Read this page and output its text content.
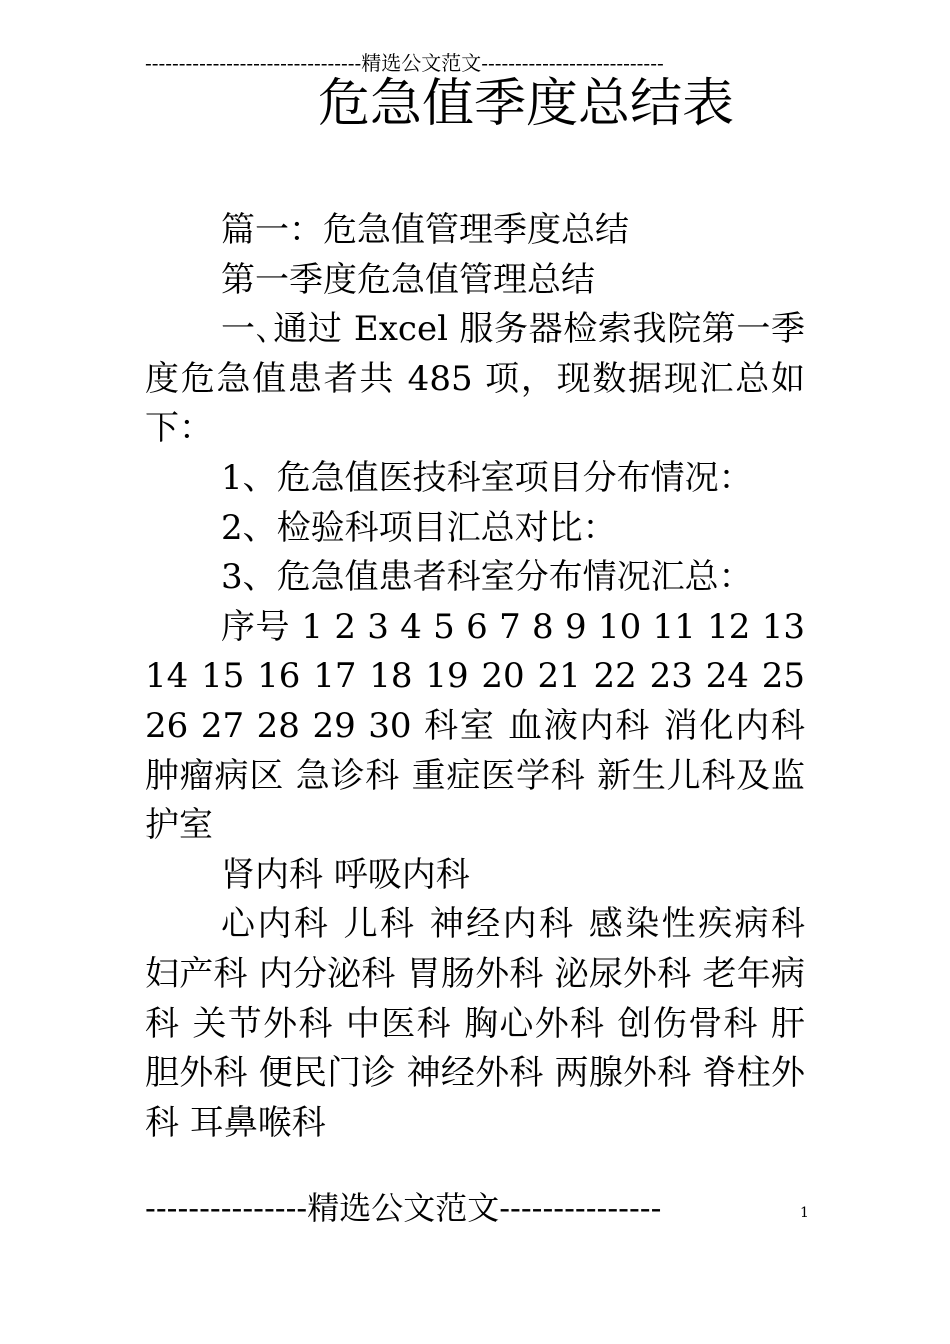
--------------------------------精选公文范文---------------------------
危急值季度总结表

篇一：危急值管理季度总结

第一季度危急值管理总结

一､通过 Excel 服务器检索我院第一季度危急值患者共 485 项，现数据现汇总如下：

1、危急值医技科室项目分布情况：

2、检验科项目汇总对比：

3、危急值患者科室分布情况汇总：

序号 1 2 3 4 5 6 7 8 9 10 11 12 13 14 15 16 17 18 19 20 21 22 23 24 25 26 27 28 29 30 科室 血液内科 消化内科 肿瘤病区 急诊科 重症医学科 新生儿科及监护室

肾内科 呼吸内科

心内科 儿科 神经内科 感染性疾病科 妇产科 内分泌科 胃肠外科 泌尿外科 老年病科 关节外科 中医科 胸心外科 创伤骨科 肝胆外科 便民门诊 神经外科 两腺外科 脊柱外科 耳鼻喉科

---------------精选公文范文---------------	1
